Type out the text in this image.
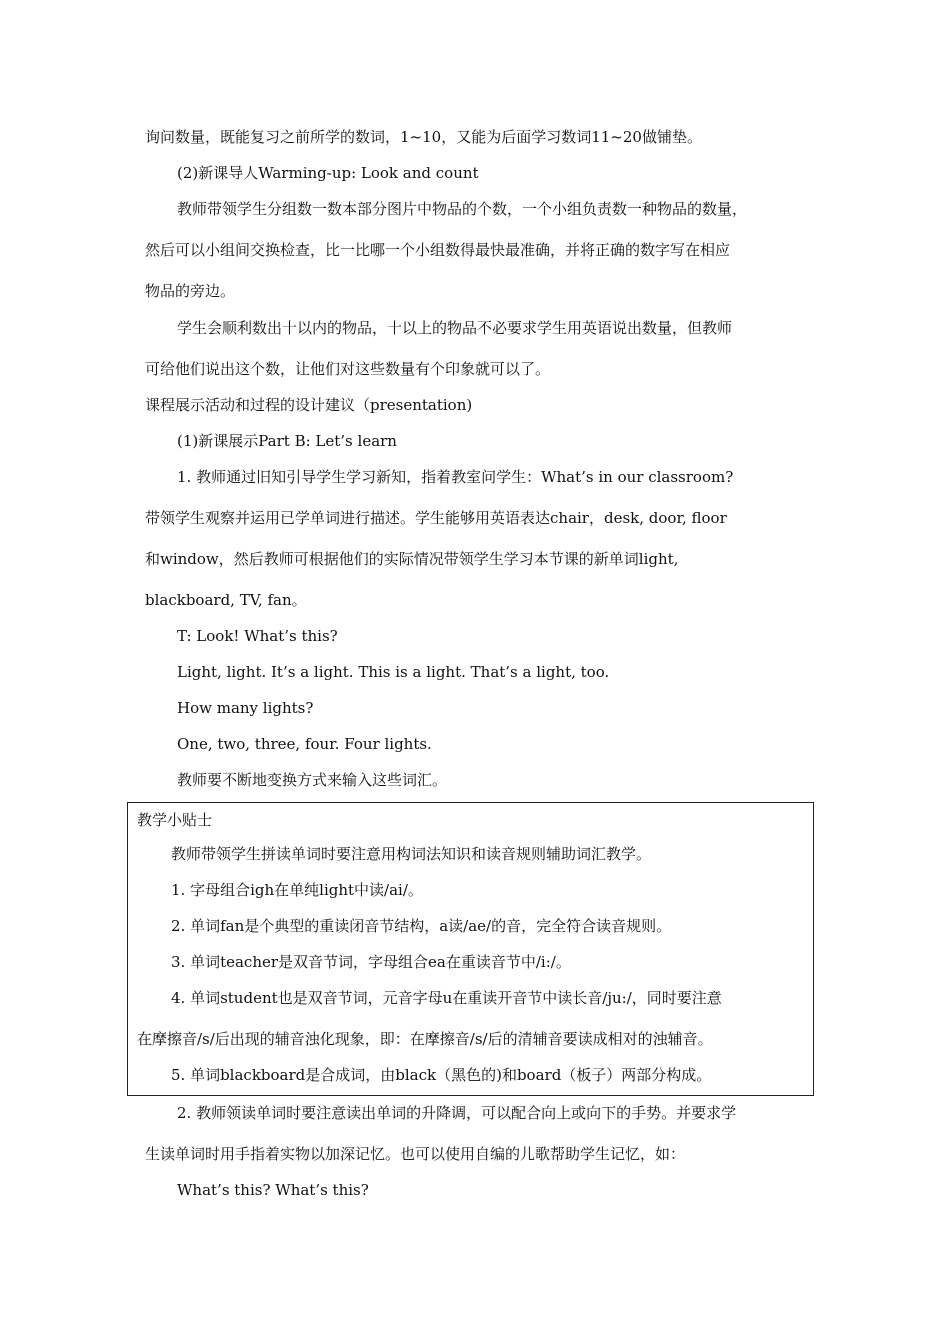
询问数量，既能复习之前所学的数词，1~10，又能为后面学习数词11~20做铺垫。
(2)新课导人Warming-up: Look and count
教师带领学生分组数一数本部分图片中物品的个数，一个小组负责数一种物品的数量，
然后可以小组间交换检查，比一比哪一个小组数得最快最准确，并将正确的数字写在相应
物品的旁边。
学生会顺利数出十以内的物品，十以上的物品不必要求学生用英语说出数量，但教师
可给他们说出这个数，让他们对这些数量有个印象就可以了。
课程展示活动和过程的设计建议（presentation)
(1)新课展示Part B: Let’s learn
1. 教师通过旧知引导学生学习新知，指着教室问学生：What’s in our classroom?
带领学生观察并运用已学单词进行描述。学生能够用英语表达chair，desk, door, floor
和window，然后教师可根据他们的实际情况带领学生学习本节课的新单词light,
blackboard, TV, fan。
T: Look! What’s this?
Light, light. It’s a light. This is a light. That’s a light, too.
How many lights?
One, two, three, four. Four lights.
教师要不断地变换方式来输入这些词汇。
教学小贴士
教师带领学生拼读单词时要注意用构词法知识和读音规则辅助词汇教学。
1. 字母组合igh在单纯light中读/ai/。
2. 单词fan是个典型的重读闭音节结构，a读/ae/的音，完全符合读音规则。
3. 单词teacher是双音节词，字母组合ea在重读音节中/i:/。
4. 单词student也是双音节词，元音字母u在重读开音节中读长音/ju:/，同时要注意
在摩擦音/s/后出现的辅音浊化现象，即：在摩擦音/s/后的清辅音要读成相对的浊辅音。
5. 单词blackboard是合成词，由black（黑色的)和board（板子）两部分构成。
2. 教师领读单词时要注意读出单词的升降调，可以配合向上或向下的手势。并要求学
生读单词时用手指着实物以加深记忆。也可以使用自编的儿歌帮助学生记忆，如：
What’s this? What’s this?
